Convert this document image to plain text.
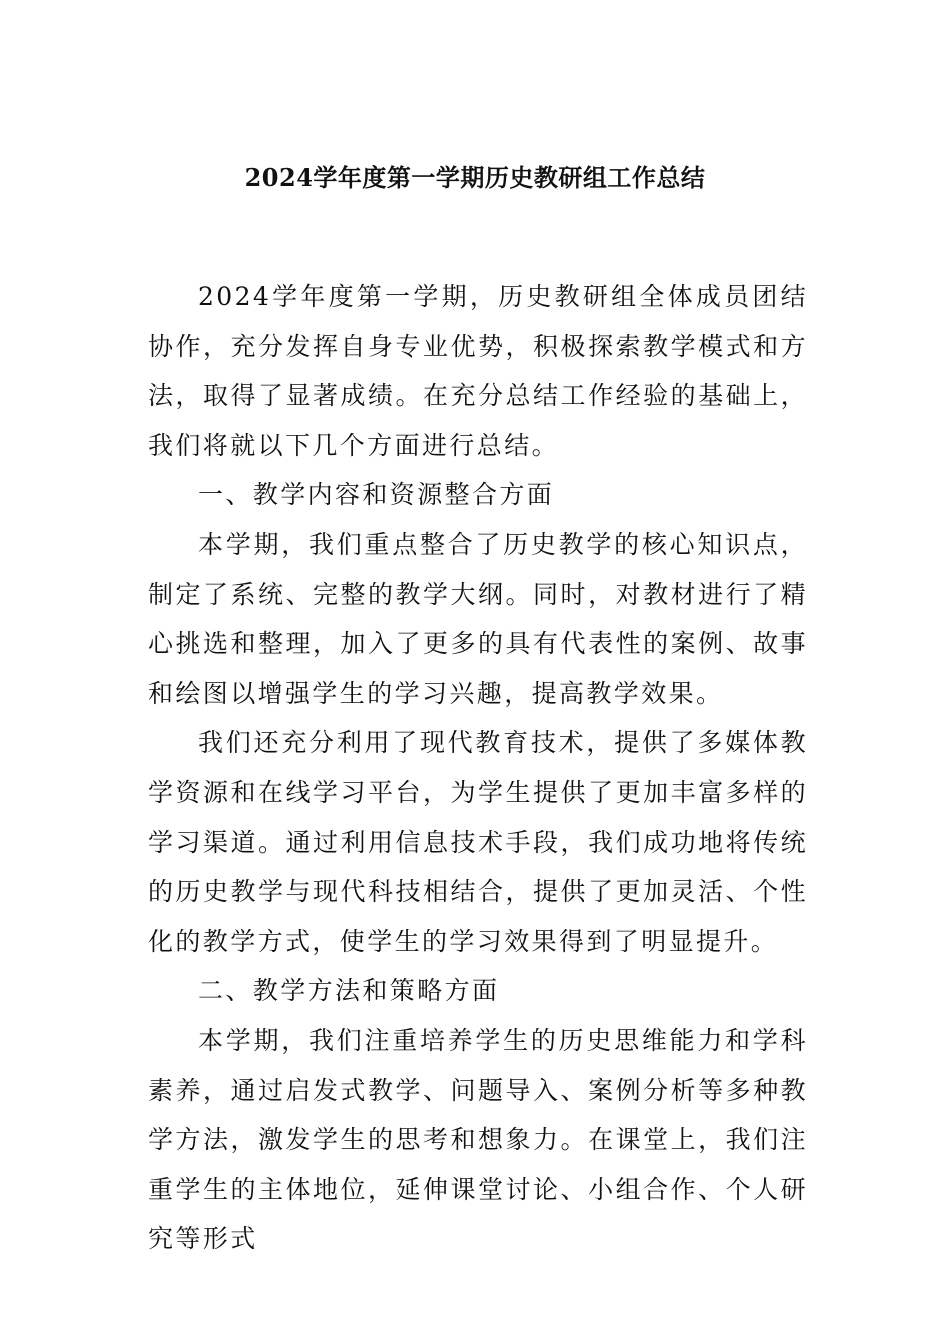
2024学年度第一学期历史教研组工作总结

2024学年度第一学期，历史教研组全体成员团结协作，充分发挥自身专业优势，积极探索教学模式和方法，取得了显著成绩。在充分总结工作经验的基础上，我们将就以下几个方面进行总结。

一、教学内容和资源整合方面

本学期，我们重点整合了历史教学的核心知识点，制定了系统、完整的教学大纲。同时，对教材进行了精心挑选和整理，加入了更多的具有代表性的案例、故事和绘图以增强学生的学习兴趣，提高教学效果。

我们还充分利用了现代教育技术，提供了多媒体教学资源和在线学习平台，为学生提供了更加丰富多样的学习渠道。通过利用信息技术手段，我们成功地将传统的历史教学与现代科技相结合，提供了更加灵活、个性化的教学方式，使学生的学习效果得到了明显提升。

二、教学方法和策略方面

本学期，我们注重培养学生的历史思维能力和学科素养，通过启发式教学、问题导入、案例分析等多种教学方法，激发学生的思考和想象力。在课堂上，我们注重学生的主体地位，延伸课堂讨论、小组合作、个人研究等形式
